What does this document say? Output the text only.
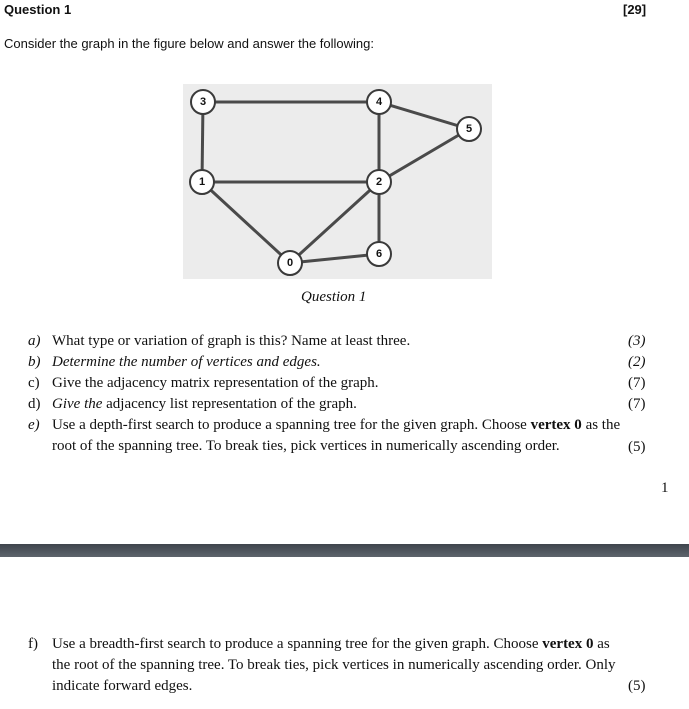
Question 1	[29]
Consider the graph in the figure below and answer the following:
3	4
5
1	2
6
0
Question 1
a) What type or variation of graph is this? Name at least three.	(3)
b) Determine the number of vertices and edges.	(2)
c) Give the adjacency matrix representation of the graph.	(7)
d) Give the adjacency list representation of the graph.	(7)
e) Use a depth-first search to produce a spanning tree for the given graph. Choose vertex 0 as the
root of the spanning tree. To break ties, pick vertices in numerically ascending order.	(5)
1
f) Use a breadth-first search to produce a spanning tree for the given graph. Choose vertex 0 as
the root of the spanning tree. To break ties, pick vertices in numerically ascending order. Only
indicate forward edges.	(5)
